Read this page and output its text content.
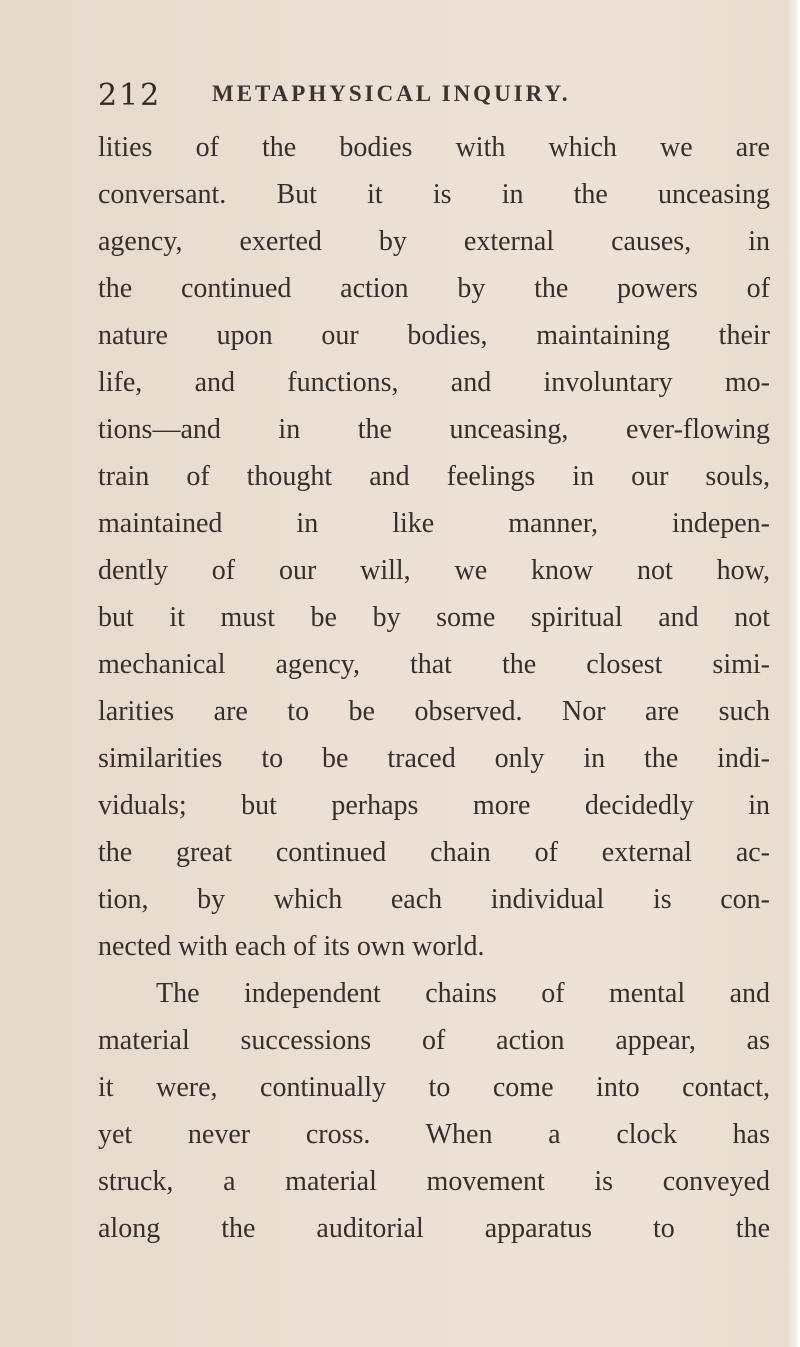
212 METAPHYSICAL INQUIRY.
lities of the bodies with which we are
conversant. But it is in the unceasing
agency, exerted by external causes, in
the continued action by the powers of
nature upon our bodies, maintaining their
life, and functions, and involuntary mo-
tions—and in the unceasing, ever-flowing
train of thought and feelings in our souls,
maintained in like manner, indepen-
dently of our will, we know not how,
but it must be by some spiritual and not
mechanical agency, that the closest simi-
larities are to be observed. Nor are such
similarities to be traced only in the indi-
viduals; but perhaps more decidedly in
the great continued chain of external ac-
tion, by which each individual is con-
nected with each of its own world.
The independent chains of mental and
material successions of action appear, as
it were, continually to come into contact,
yet never cross. When a clock has
struck, a material movement is conveyed
along the auditorial apparatus to the
